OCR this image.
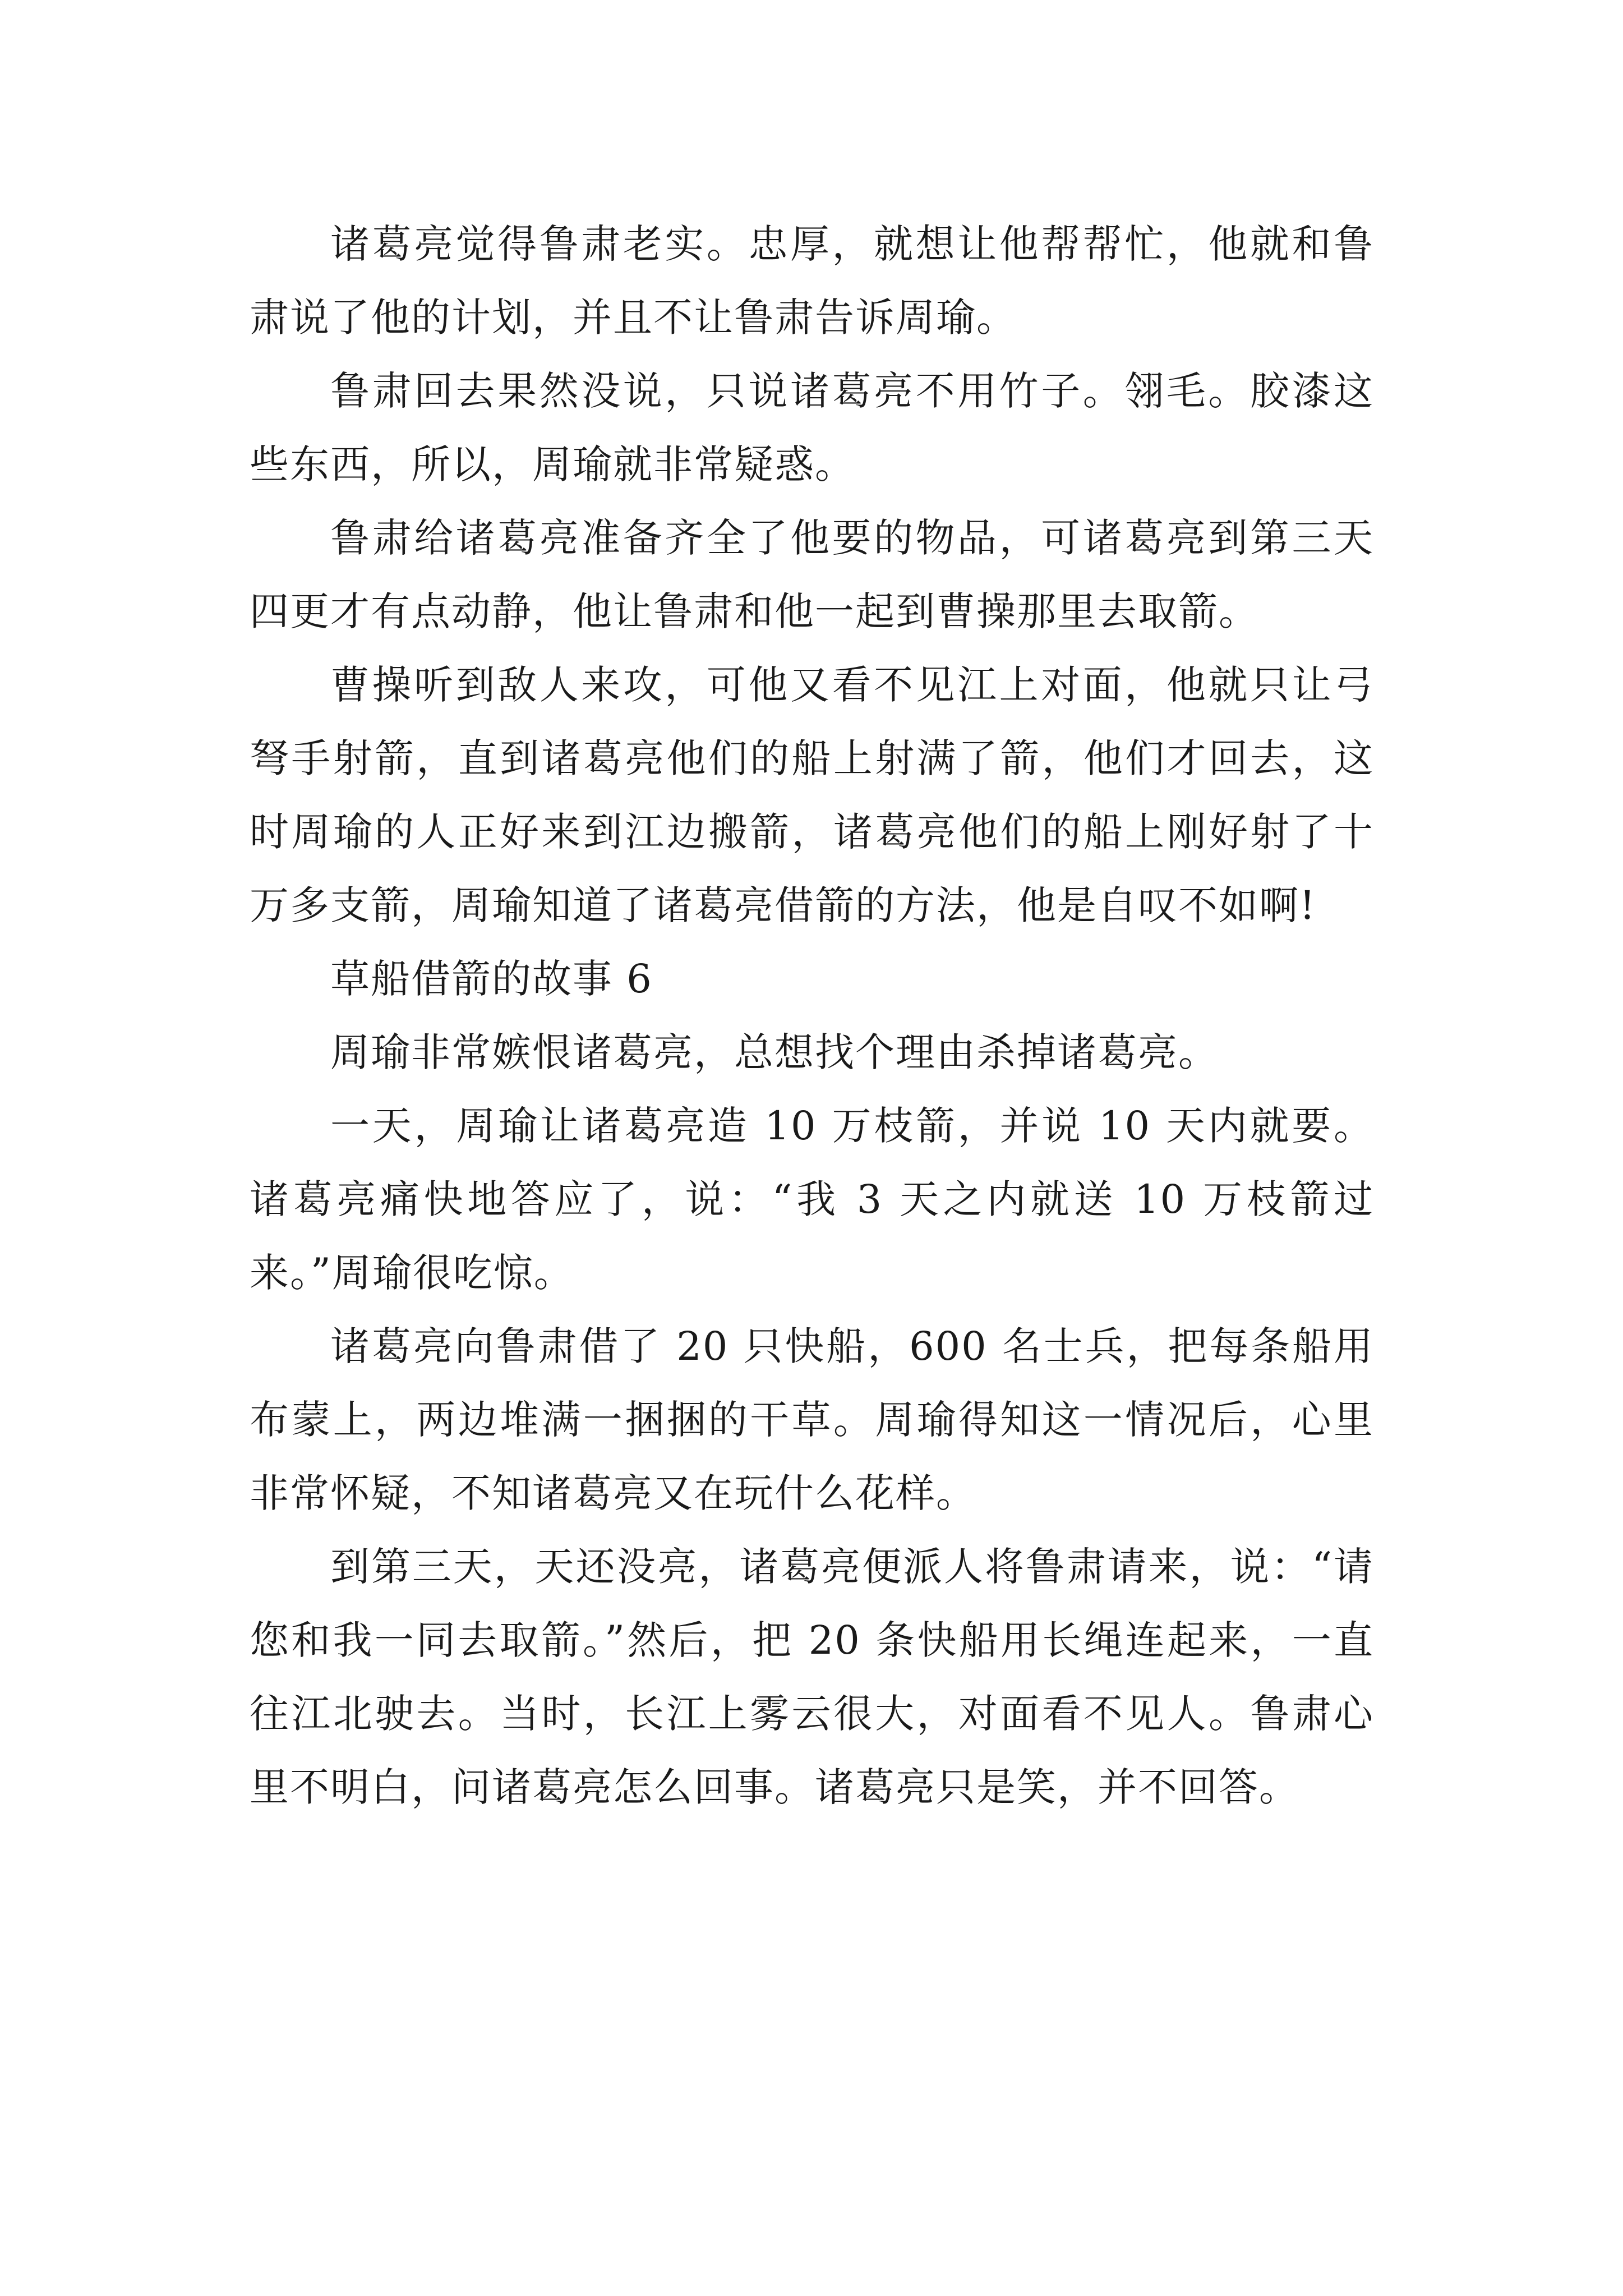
诸葛亮觉得鲁肃老实。忠厚，就想让他帮帮忙，他就和鲁肃说了他的计划，并且不让鲁肃告诉周瑜。

鲁肃回去果然没说，只说诸葛亮不用竹子。翎毛。胶漆这些东西，所以，周瑜就非常疑惑。

鲁肃给诸葛亮准备齐全了他要的物品，可诸葛亮到第三天四更才有点动静，他让鲁肃和他一起到曹操那里去取箭。

曹操听到敌人来攻，可他又看不见江上对面，他就只让弓弩手射箭，直到诸葛亮他们的船上射满了箭，他们才回去，这时周瑜的人正好来到江边搬箭，诸葛亮他们的船上刚好射了十万多支箭，周瑜知道了诸葛亮借箭的方法，他是自叹不如啊!

草船借箭的故事 6

周瑜非常嫉恨诸葛亮，总想找个理由杀掉诸葛亮。

一天，周瑜让诸葛亮造 10 万枝箭，并说 10 天内就要。诸葛亮痛快地答应了，说：“我 3 天之内就送 10 万枝箭过来。”周瑜很吃惊。

诸葛亮向鲁肃借了 20 只快船，600 名士兵，把每条船用布蒙上，两边堆满一捆捆的干草。周瑜得知这一情况后，心里非常怀疑，不知诸葛亮又在玩什么花样。

到第三天，天还没亮，诸葛亮便派人将鲁肃请来，说：“请您和我一同去取箭。”然后，把 20 条快船用长绳连起来，一直往江北驶去。当时，长江上雾云很大，对面看不见人。鲁肃心里不明白，问诸葛亮怎么回事。诸葛亮只是笑，并不回答。
